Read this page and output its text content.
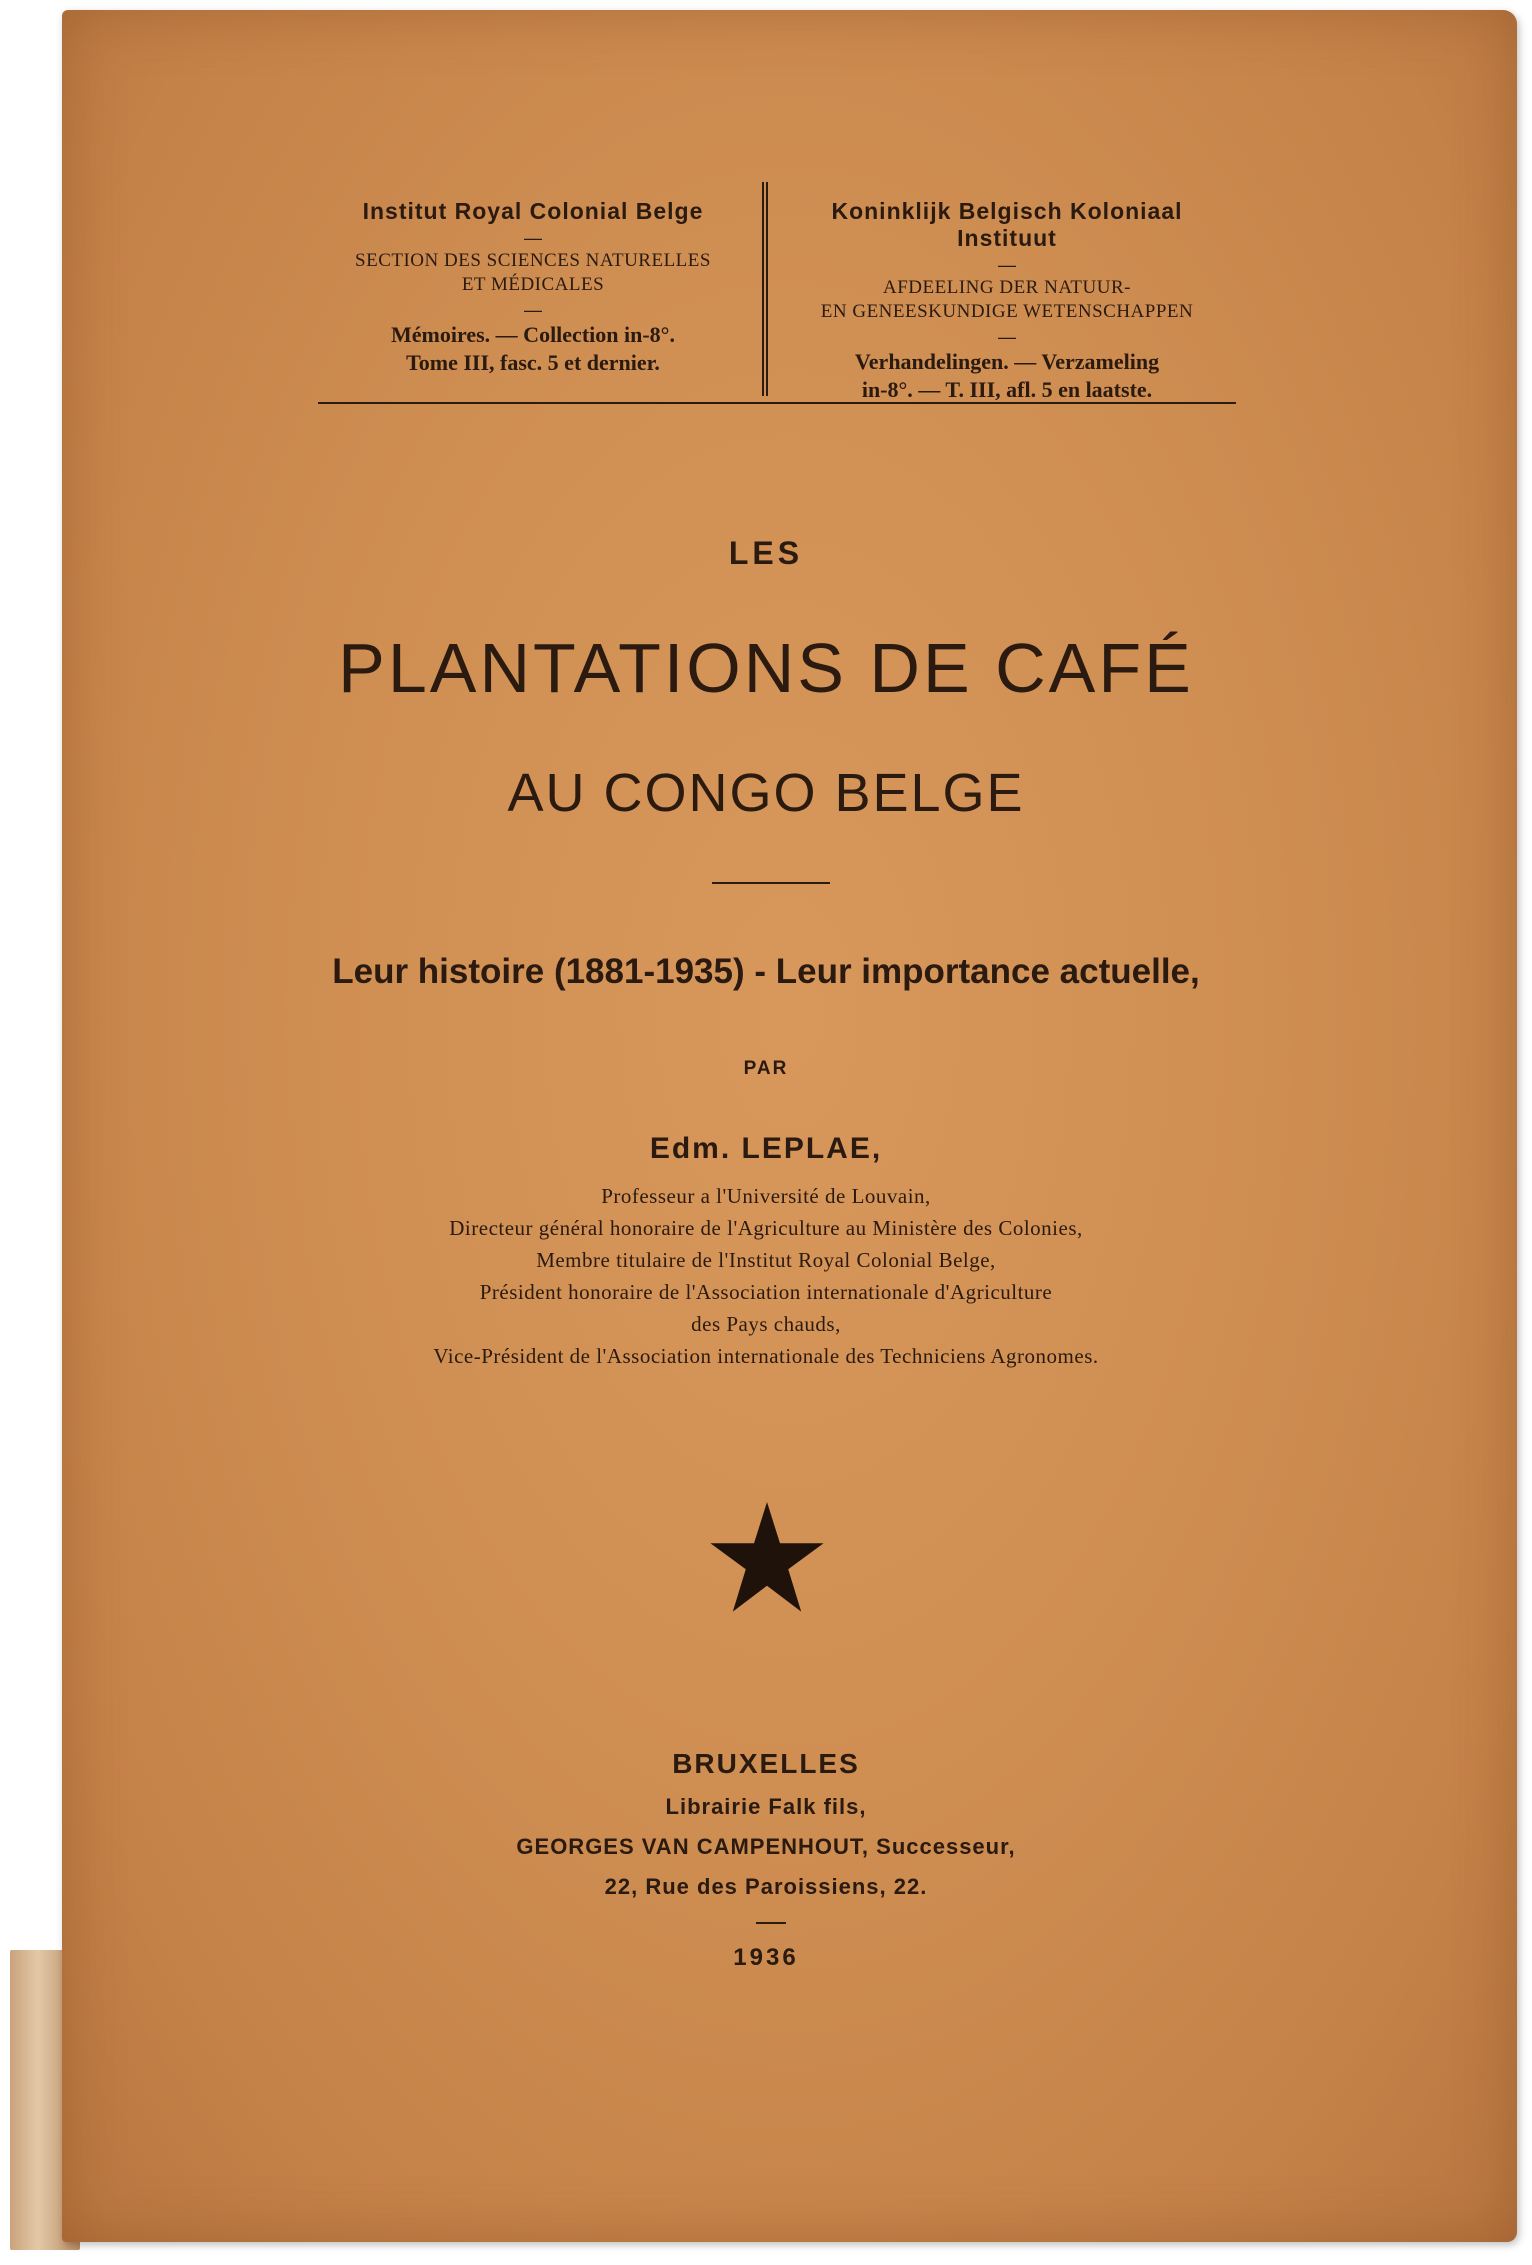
Institut Royal Colonial Belge
—
SECTION DES SCIENCES NATURELLES
ET MÉDICALES
—
Mémoires. — Collection in-8°.
Tome III, fasc. 5 et dernier.
Koninklijk Belgisch Koloniaal Instituut
—
AFDEELING DER NATUUR-
EN GENEESKUNDIGE WETENSCHAPPEN
—
Verhandelingen. — Verzameling
in-8°. — T. III, afl. 5 en laatste.
LES
PLANTATIONS DE CAFÉ
AU CONGO BELGE
Leur histoire (1881-1935) - Leur importance actuelle,
PAR
Edm. LEPLAE,
Professeur a l'Université de Louvain,
Directeur général honoraire de l'Agriculture au Ministère des Colonies,
Membre titulaire de l'Institut Royal Colonial Belge,
Président honoraire de l'Association internationale d'Agriculture
des Pays chauds,
Vice-Président de l'Association internationale des Techniciens Agronomes.
BRUXELLES
Librairie Falk fils,
GEORGES VAN CAMPENHOUT, Successeur,
22, Rue des Paroissiens, 22.
1936
